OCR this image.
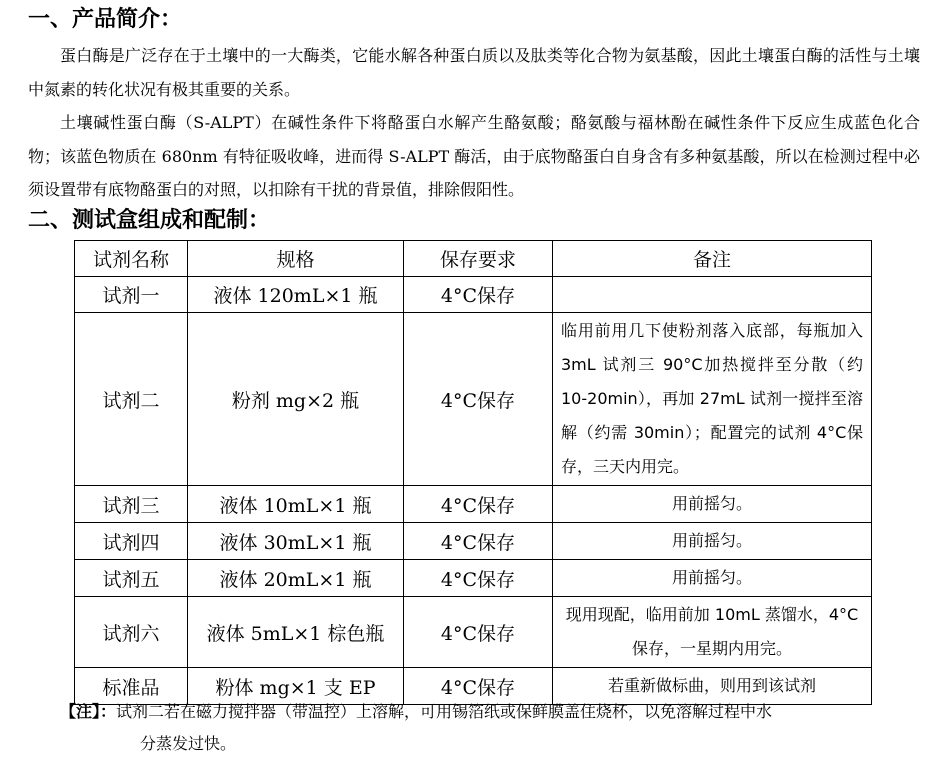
一、产品简介：

蛋白酶是广泛存在于土壤中的一大酶类，它能水解各种蛋白质以及肽类等化合物为氨基酸，因此土壤蛋白酶的活性与土壤中氮素的转化状况有极其重要的关系。

土壤碱性蛋白酶（S-ALPT）在碱性条件下将酪蛋白水解产生酪氨酸；酪氨酸与福林酚在碱性条件下反应生成蓝色化合物；该蓝色物质在 680nm 有特征吸收峰，进而得 S-ALPT 酶活，由于底物酪蛋白自身含有多种氨基酸，所以在检测过程中必须设置带有底物酪蛋白的对照，以扣除有干扰的背景值，排除假阳性。

二、测试盒组成和配制：
试剂名称	规格	保存要求	备注
试剂一	液体 120mL×1 瓶	4°C保存	
试剂二	粉剂 mg×2 瓶	4°C保存	临用前用几下使粉剂落入底部，每瓶加入 3mL 试剂三 90°C加热搅拌至分散（约 10-20min），再加 27mL 试剂一搅拌至溶解（约需 30min）；配置完的试剂 4°C保存，三天内用完。
试剂三	液体 10mL×1 瓶	4°C保存	用前摇匀。
试剂四	液体 30mL×1 瓶	4°C保存	用前摇匀。
试剂五	液体 20mL×1 瓶	4°C保存	用前摇匀。
试剂六	液体 5mL×1 棕色瓶	4°C保存	现用现配，临用前加 10mL 蒸馏水，4°C保存，一星期内用完。
标准品	粉体 mg×1 支 EP	4°C保存	若重新做标曲，则用到该试剂

【注】：试剂二若在磁力搅拌器（带温控）上溶解，可用锡箔纸或保鲜膜盖住烧杯，以免溶解过程中水
分蒸发过快。
